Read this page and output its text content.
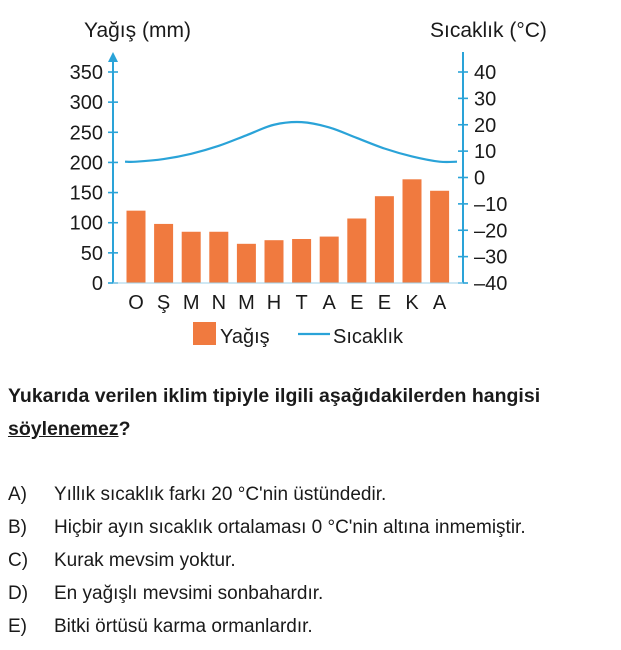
Yağış (mm)	Sıcaklık (°C)
0
50
100
150
200
250
300
350
–40
–30
–20
–10
0
10
20
30
40
O Ş M N M H T A E E K A
Yağış	Sıcaklık
Yukarıda verilen iklim tipiyle ilgili aşağıdakilerden hangisi söylenemez?
A)	Yıllık sıcaklık farkı 20 °C'nin üstündedir.
B)	Hiçbir ayın sıcaklık ortalaması 0 °C'nin altına inmemiştir.
C)	Kurak mevsim yoktur.
D)	En yağışlı mevsimi sonbahardır.
E)	Bitki örtüsü karma ormanlardır.
